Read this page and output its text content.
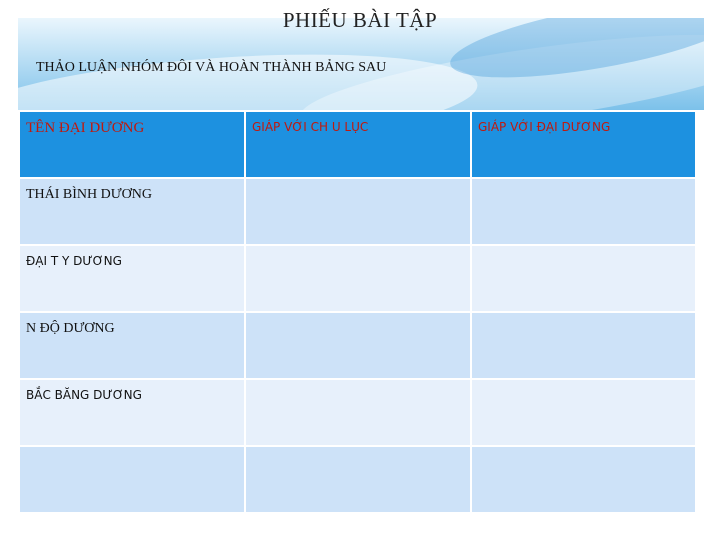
PHIẾU BÀI TẬP
THẢO LUẬN NHÓM ĐÔI VÀ HOÀN THÀNH BẢNG SAU
TÊN ĐẠI DƯƠNG	GIÁP VỚI CH U LỤC	GIÁP VỚI ĐẠI DƯƠNG
THÁI BÌNH DƯƠNG		
ĐẠI T Y DƯƠNG		
N ĐỘ DƯƠNG		
BẮC BĂNG DƯƠNG		
